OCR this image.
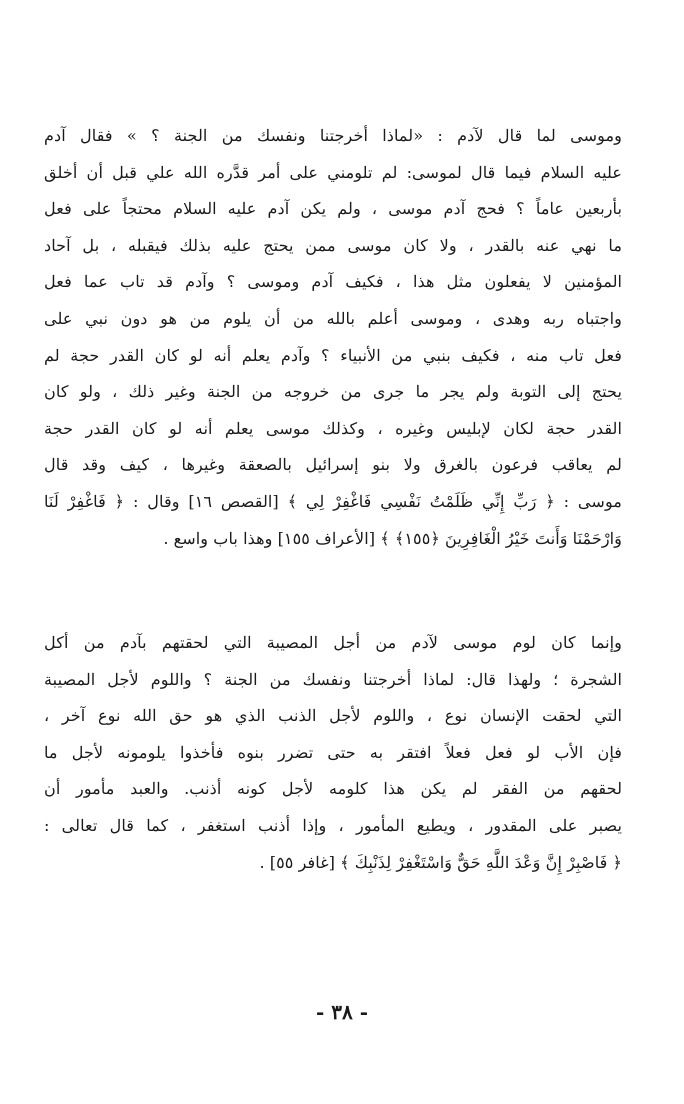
وموسى لما قال لآدم : «لماذا أخرجتنا ونفسك من الجنة ؟ » فقال آدم
عليه السلام فيما قال لموسى: لم تلومني على أمر قدَّره الله علي قبل أن أخلق
بأربعين عاماً ؟ فحج آدم موسى ، ولم يكن آدم عليه السلام محتجاً على فعل
ما نهي عنه بالقدر ، ولا كان موسى ممن يحتج عليه بذلك فيقبله ، بل آحاد
المؤمنين لا يفعلون مثل هذا ، فكيف آدم وموسى ؟ وآدم قد تاب عما فعل
واجتباه ربه وهدى ، وموسى أعلم بالله من أن يلوم من هو دون نبي على
فعل تاب منه ، فكيف بنبي من الأنبياء ؟ وآدم يعلم أنه لو كان القدر حجة لم
يحتج إلى التوبة ولم يجر ما جرى من خروجه من الجنة وغير ذلك ، ولو كان
القدر حجة لكان لإبليس وغيره ، وكذلك موسى يعلم أنه لو كان القدر حجة
لم يعاقب فرعون بالغرق ولا بنو إسرائيل بالصعقة وغيرها ، كيف وقد قال
موسى : ﴿ رَبِّ إِنِّي ظَلَمْتُ نَفْسِي فَاغْفِرْ لِي ﴾ [القصص ١٦] وقال : ﴿ فَاغْفِرْ لَنَا
وَارْحَمْنَا وَأَنتَ خَيْرُ الْغَافِرِينَ ﴿١٥٥﴾ ﴾ [الأعراف ١٥٥] وهذا باب واسع .
وإنما كان لوم موسى لآدم من أجل المصيبة التي لحقتهم بآدم من أكل
الشجرة ؛ ولهذا قال: لماذا أخرجتنا ونفسك من الجنة ؟ واللوم لأجل المصيبة
التي لحقت الإنسان نوع ، واللوم لأجل الذنب الذي هو حق الله نوع آخر ،
فإن الأب لو فعل فعلاً افتقر به حتى تضرر بنوه فأخذوا يلومونه لأجل ما
لحقهم من الفقر لم يكن هذا كلومه لأجل كونه أذنب. والعبد مأمور أن
يصبر على المقدور ، ويطيع المأمور ، وإذا أذنب استغفر ، كما قال تعالى :
﴿ فَاصْبِرْ إِنَّ وَعْدَ اللَّهِ حَقٌّ وَاسْتَغْفِرْ لِذَنْبِكَ ﴾ [غافر ٥٥] .
- ٣٨ -
